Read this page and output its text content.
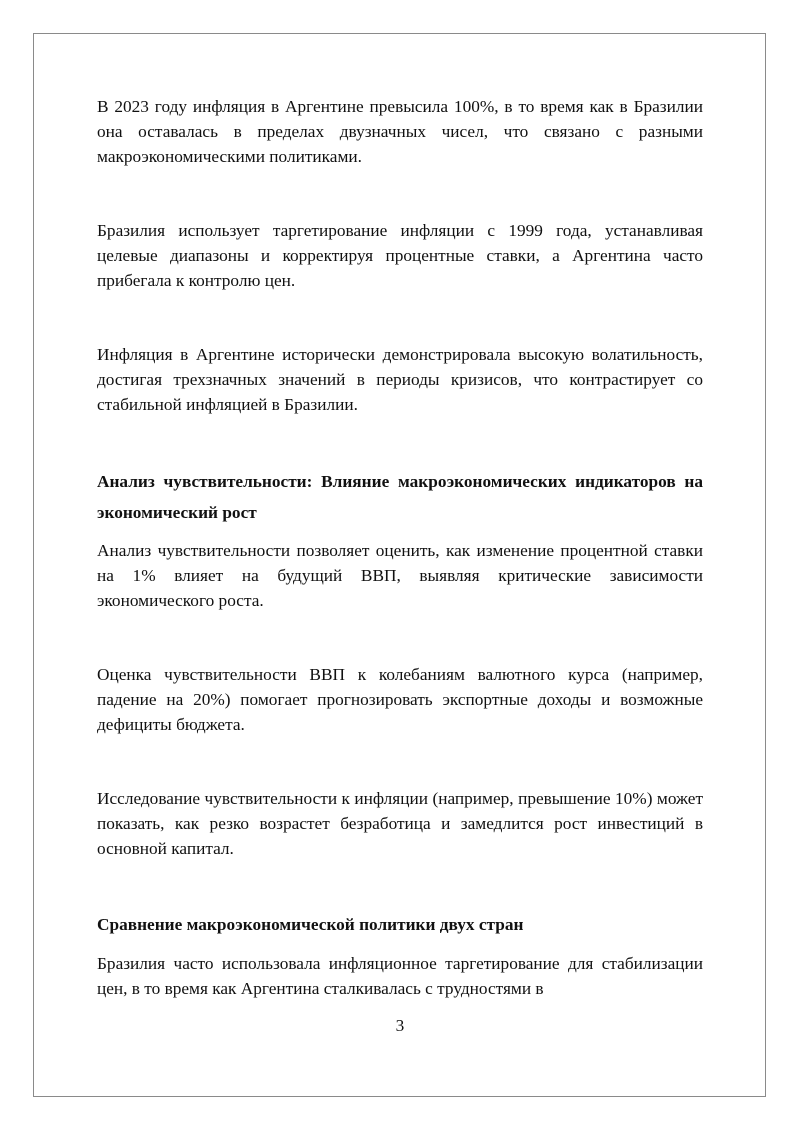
В 2023 году инфляция в Аргентине превысила 100%, в то время как в Бразилии она оставалась в пределах двузначных чисел, что связано с разными макроэкономическими политиками.

Бразилия использует таргетирование инфляции с 1999 года, устанавливая целевые диапазоны и корректируя процентные ставки, а Аргентина часто прибегала к контролю цен.

Инфляция в Аргентине исторически демонстрировала высокую волатильность, достигая трехзначных значений в периоды кризисов, что контрастирует со стабильной инфляцией в Бразилии.

Анализ чувствительности: Влияние макроэкономических индикаторов на экономический рост

Анализ чувствительности позволяет оценить, как изменение процентной ставки на 1% влияет на будущий ВВП, выявляя критические зависимости экономического роста.

Оценка чувствительности ВВП к колебаниям валютного курса (например, падение на 20%) помогает прогнозировать экспортные доходы и возможные дефициты бюджета.

Исследование чувствительности к инфляции (например, превышение 10%) может показать, как резко возрастет безработица и замедлится рост инвестиций в основной капитал.

Сравнение макроэкономической политики двух стран

Бразилия часто использовала инфляционное таргетирование для стабилизации цен, в то время как Аргентина сталкивалась с трудностями в

3
